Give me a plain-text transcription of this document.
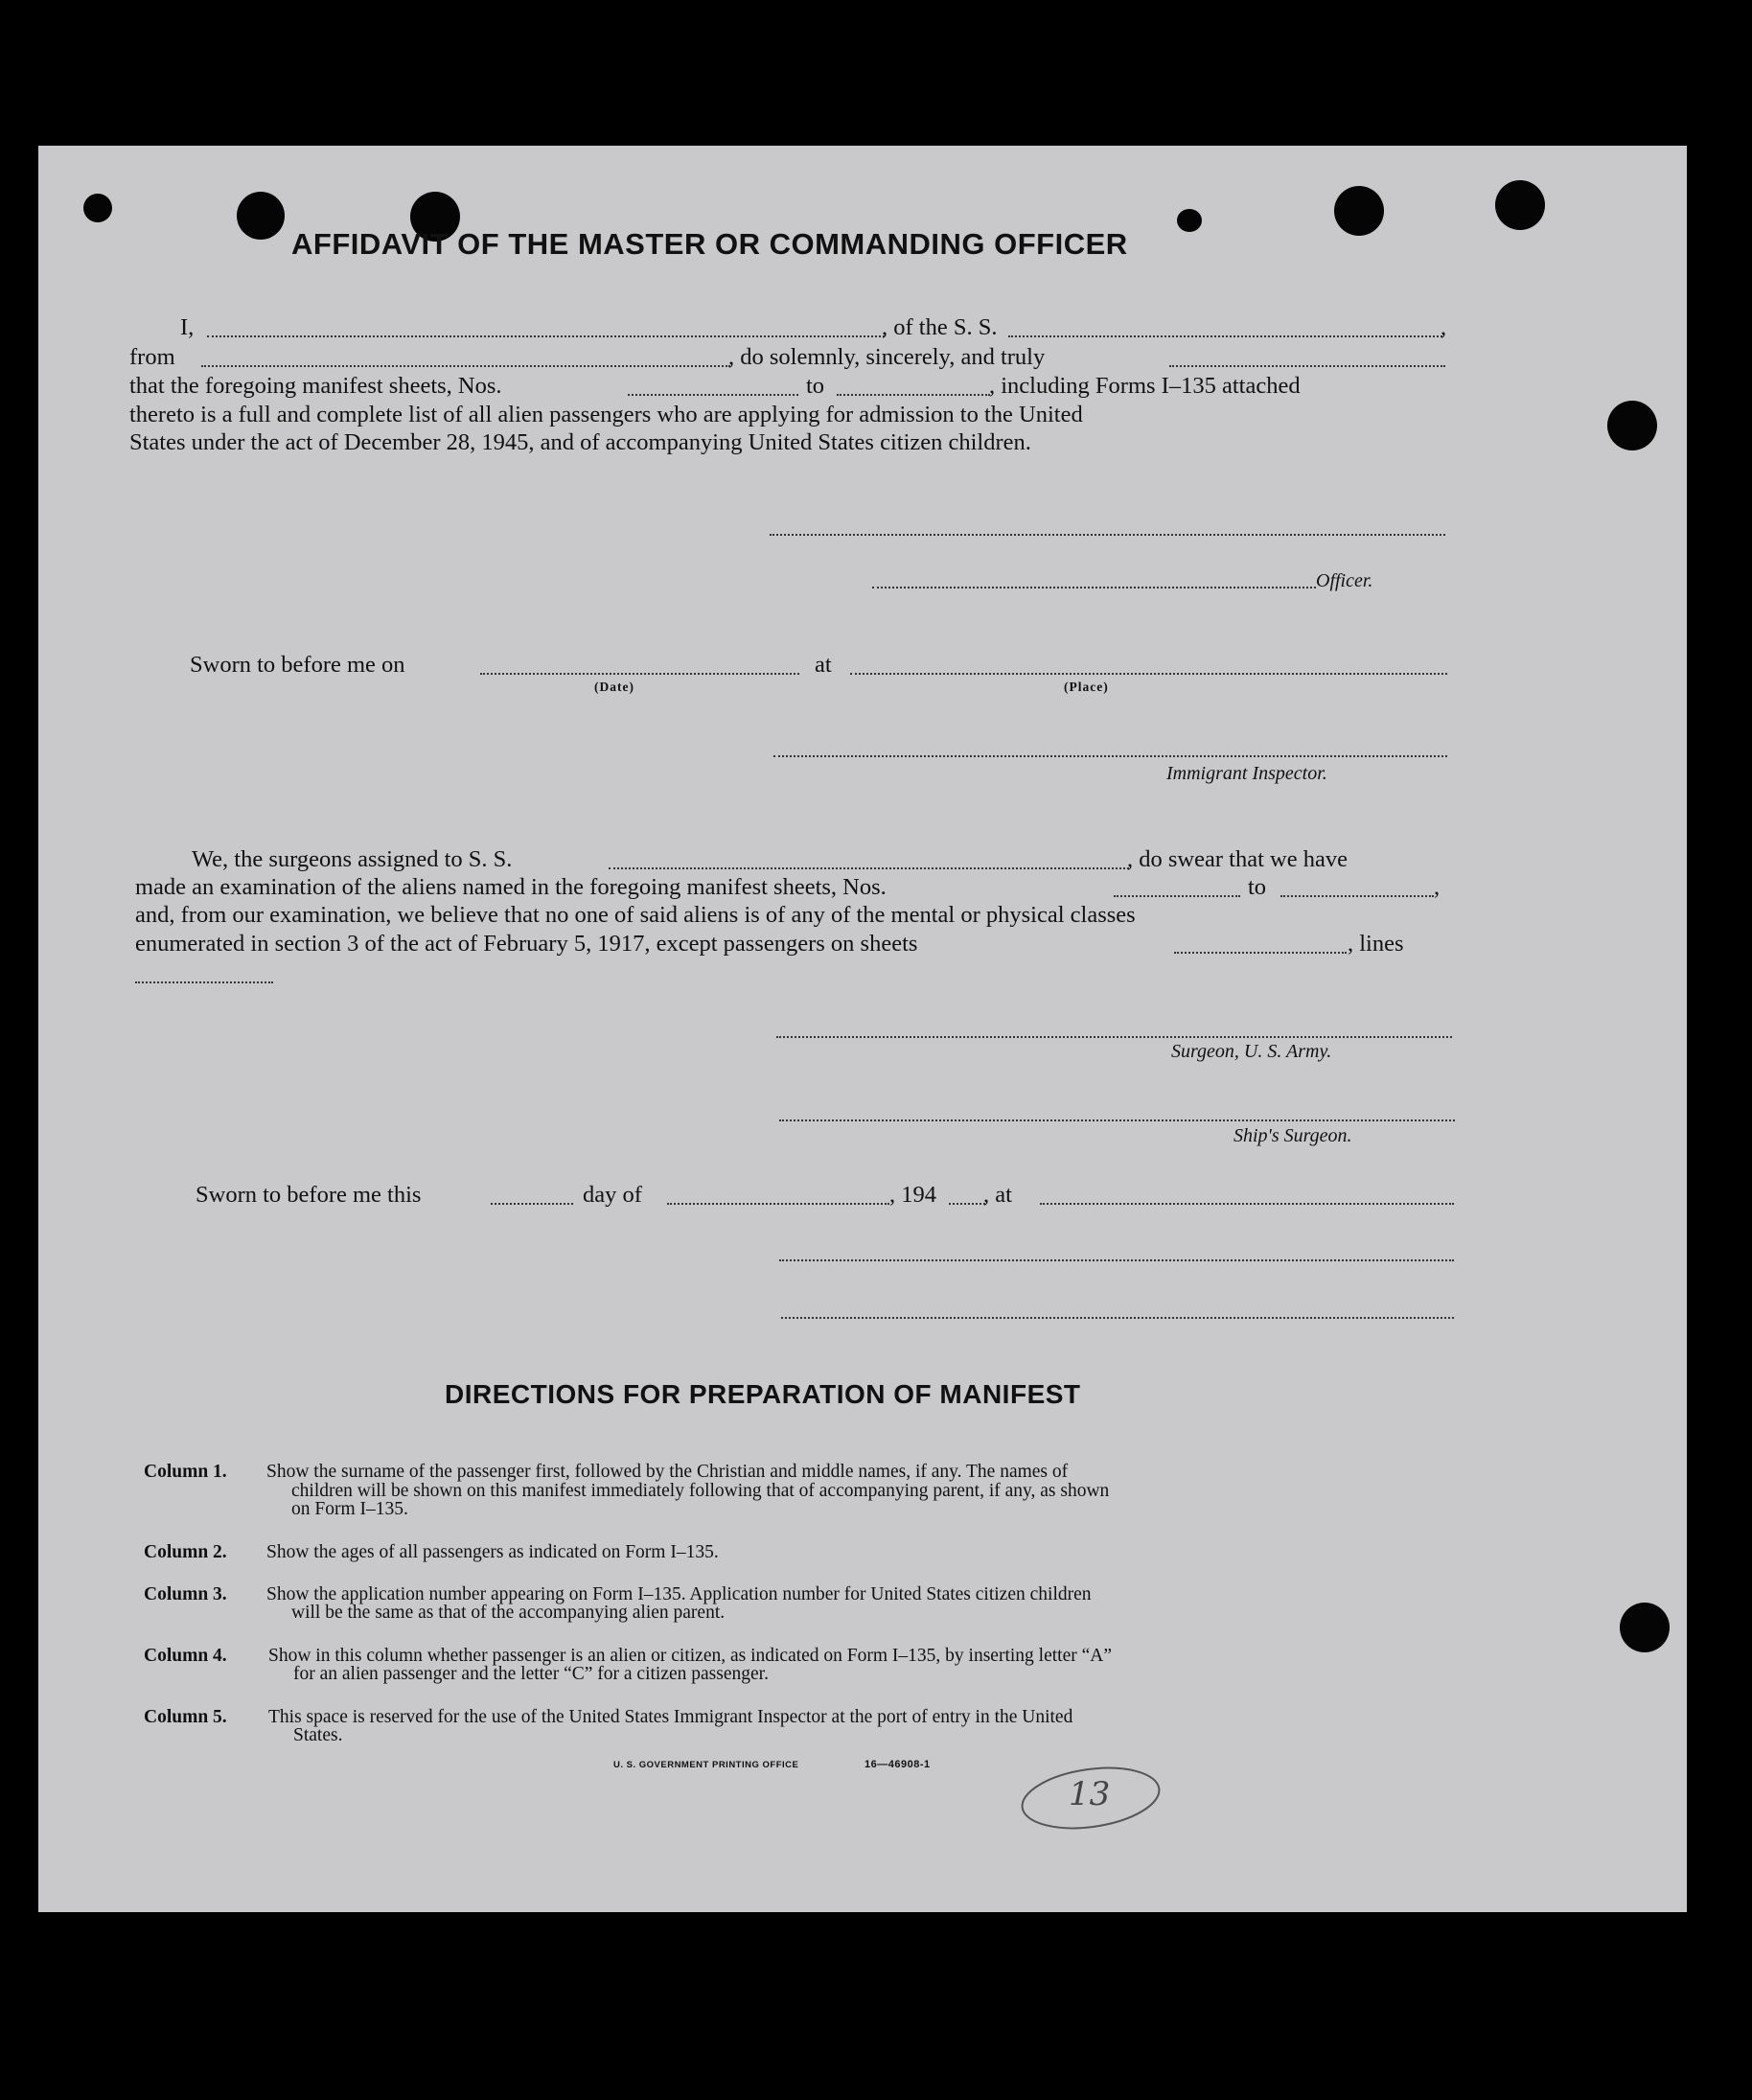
AFFIDAVIT OF THE MASTER OR COMMANDING OFFICER
I,	, of the S. S.	,
from	, do solemnly, sincerely, and truly
that the foregoing manifest sheets, Nos.	to	, including Forms I–135 attached
thereto is a full and complete list of all alien passengers who are applying for admission to the United
States under the act of December 28, 1945, and of accompanying United States citizen children.
Officer.
Sworn to before me on
(Date)
at
(Place)
Immigrant Inspector.
We, the surgeons assigned to S. S.	, do swear that we have
made an examination of the aliens named in the foregoing manifest sheets, Nos.	to	,
and, from our examination, we believe that no one of said aliens is of any of the mental or physical classes
enumerated in section 3 of the act of February 5, 1917, except passengers on sheets	, lines
Surgeon, U. S. Army.
Ship's Surgeon.
Sworn to before me this	day of	, 194 , at
DIRECTIONS FOR PREPARATION OF MANIFEST
Column 1. Show the surname of the passenger first, followed by the Christian and middle names, if any. The names of
children will be shown on this manifest immediately following that of accompanying parent, if any, as shown
on Form I–135.
Column 2. Show the ages of all passengers as indicated on Form I–135.
Column 3. Show the application number appearing on Form I–135. Application number for United States citizen children
will be the same as that of the accompanying alien parent.
Column 4. Show in this column whether passenger is an alien or citizen, as indicated on Form I–135, by inserting letter “A”
for an alien passenger and the letter “C” for a citizen passenger.
Column 5. This space is reserved for the use of the United States Immigrant Inspector at the port of entry in the United
States.
U. S. GOVERNMENT PRINTING OFFICE	16—46908-1
13
